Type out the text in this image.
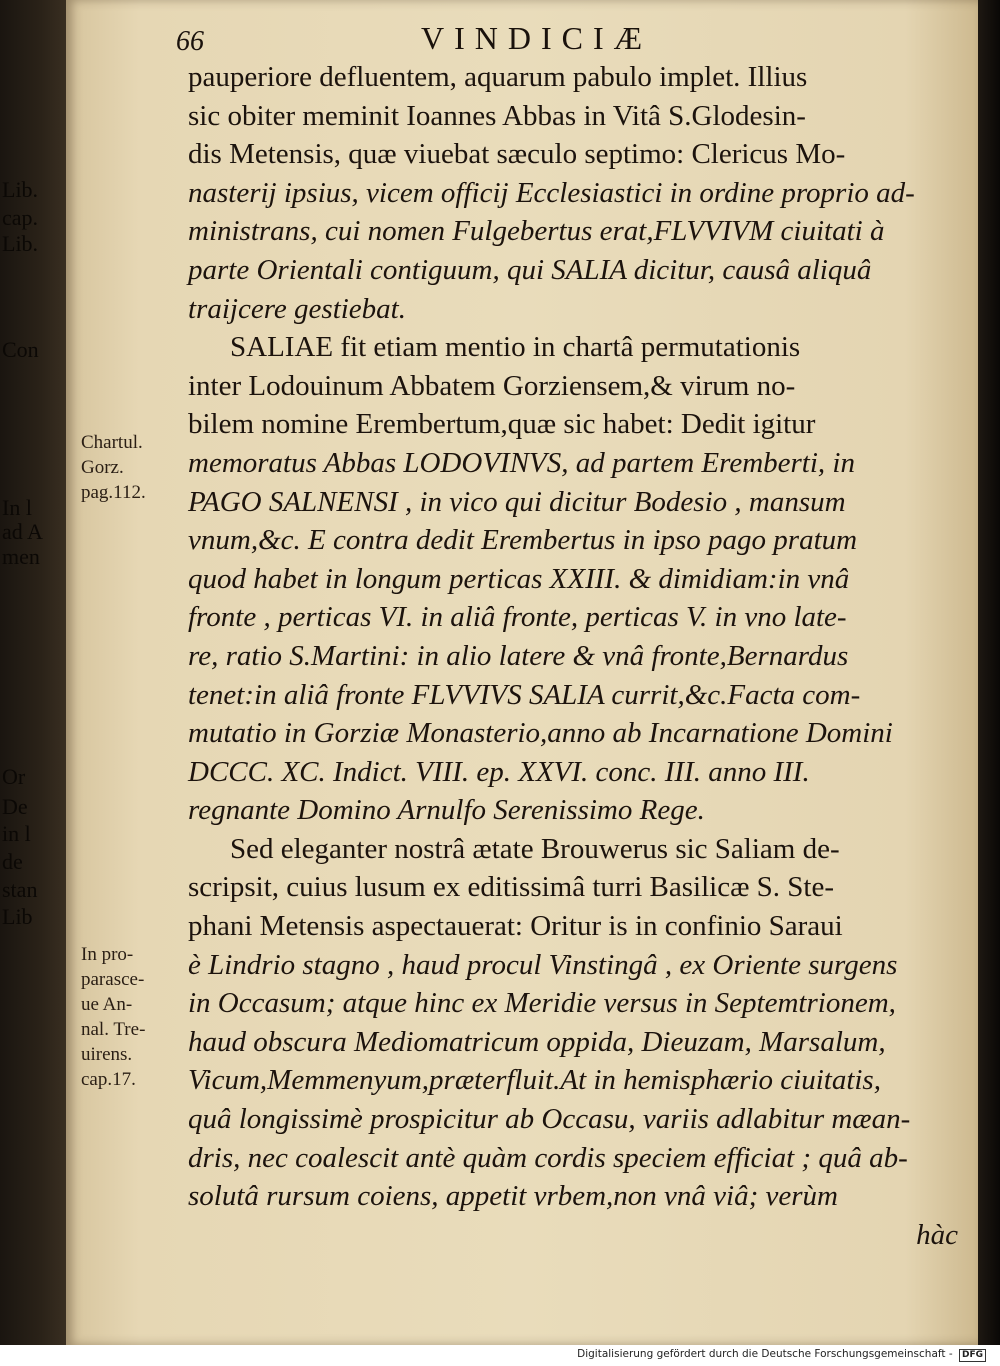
Lib.
cap.
Lib.
Con
In l
ad A
men
Or
De
in l
de
stan
Lib
66	VINDICIÆ
Chartul.
Gorz.
pag.112.
In pro-
parasce-
ue An-
nal. Tre-
uirens.
cap.17.
pauperiore defluentem, aquarum pabulo implet. Illius
sic obiter meminit Ioannes Abbas in Vitâ S.Glodesin-
dis Metensis, quæ viuebat sæculo septimo: Clericus Mo-
nasterij ipsius, vicem officij Ecclesiastici in ordine proprio ad-
ministrans, cui nomen Fulgebertus erat,FLVVIVM ciuitati à
parte Orientali contiguum, qui SALIA dicitur, causâ aliquâ
traijcere gestiebat.
SALIAE fit etiam mentio in chartâ permutationis
inter Lodouinum Abbatem Gorziensem,& virum no-
bilem nomine Erembertum,quæ sic habet: Dedit igitur
memoratus Abbas LODOVINVS, ad partem Eremberti, in
PAGO SALNENSI , in vico qui dicitur Bodesio , mansum
vnum,&c. E contra dedit Erembertus in ipso pago pratum
quod habet in longum perticas XXIII. & dimidiam:in vnâ
fronte , perticas VI. in aliâ fronte, perticas V. in vno late-
re, ratio S.Martini: in alio latere & vnâ fronte,Bernardus
tenet:in aliâ fronte FLVVIVS SALIA currit,&c.Facta com-
mutatio in Gorziæ Monasterio,anno ab Incarnatione Domini
DCCC. XC. Indict. VIII. ep. XXVI. conc. III. anno III.
regnante Domino Arnulfo Serenissimo Rege.
Sed eleganter nostrâ ætate Brouwerus sic Saliam de-
scripsit, cuius lusum ex editissimâ turri Basilicæ S. Ste-
phani Metensis aspectauerat: Oritur is in confinio Saraui
è Lindrio stagno , haud procul Vinstingâ , ex Oriente surgens
in Occasum; atque hinc ex Meridie versus in Septemtrionem,
haud obscura Mediomatricum oppida, Dieuzam, Marsalum,
Vicum,Memmenyum,præterfluit.At in hemisphærio ciuitatis,
quâ longissimè prospicitur ab Occasu, variis adlabitur mæan-
dris, nec coalescit antè quàm cordis speciem efficiat ; quâ ab-
solutâ rursum coiens, appetit vrbem,non vnâ viâ; verùm
hàc
Digitalisierung gefördert durch die Deutsche Forschungsgemeinschaft - DFG
